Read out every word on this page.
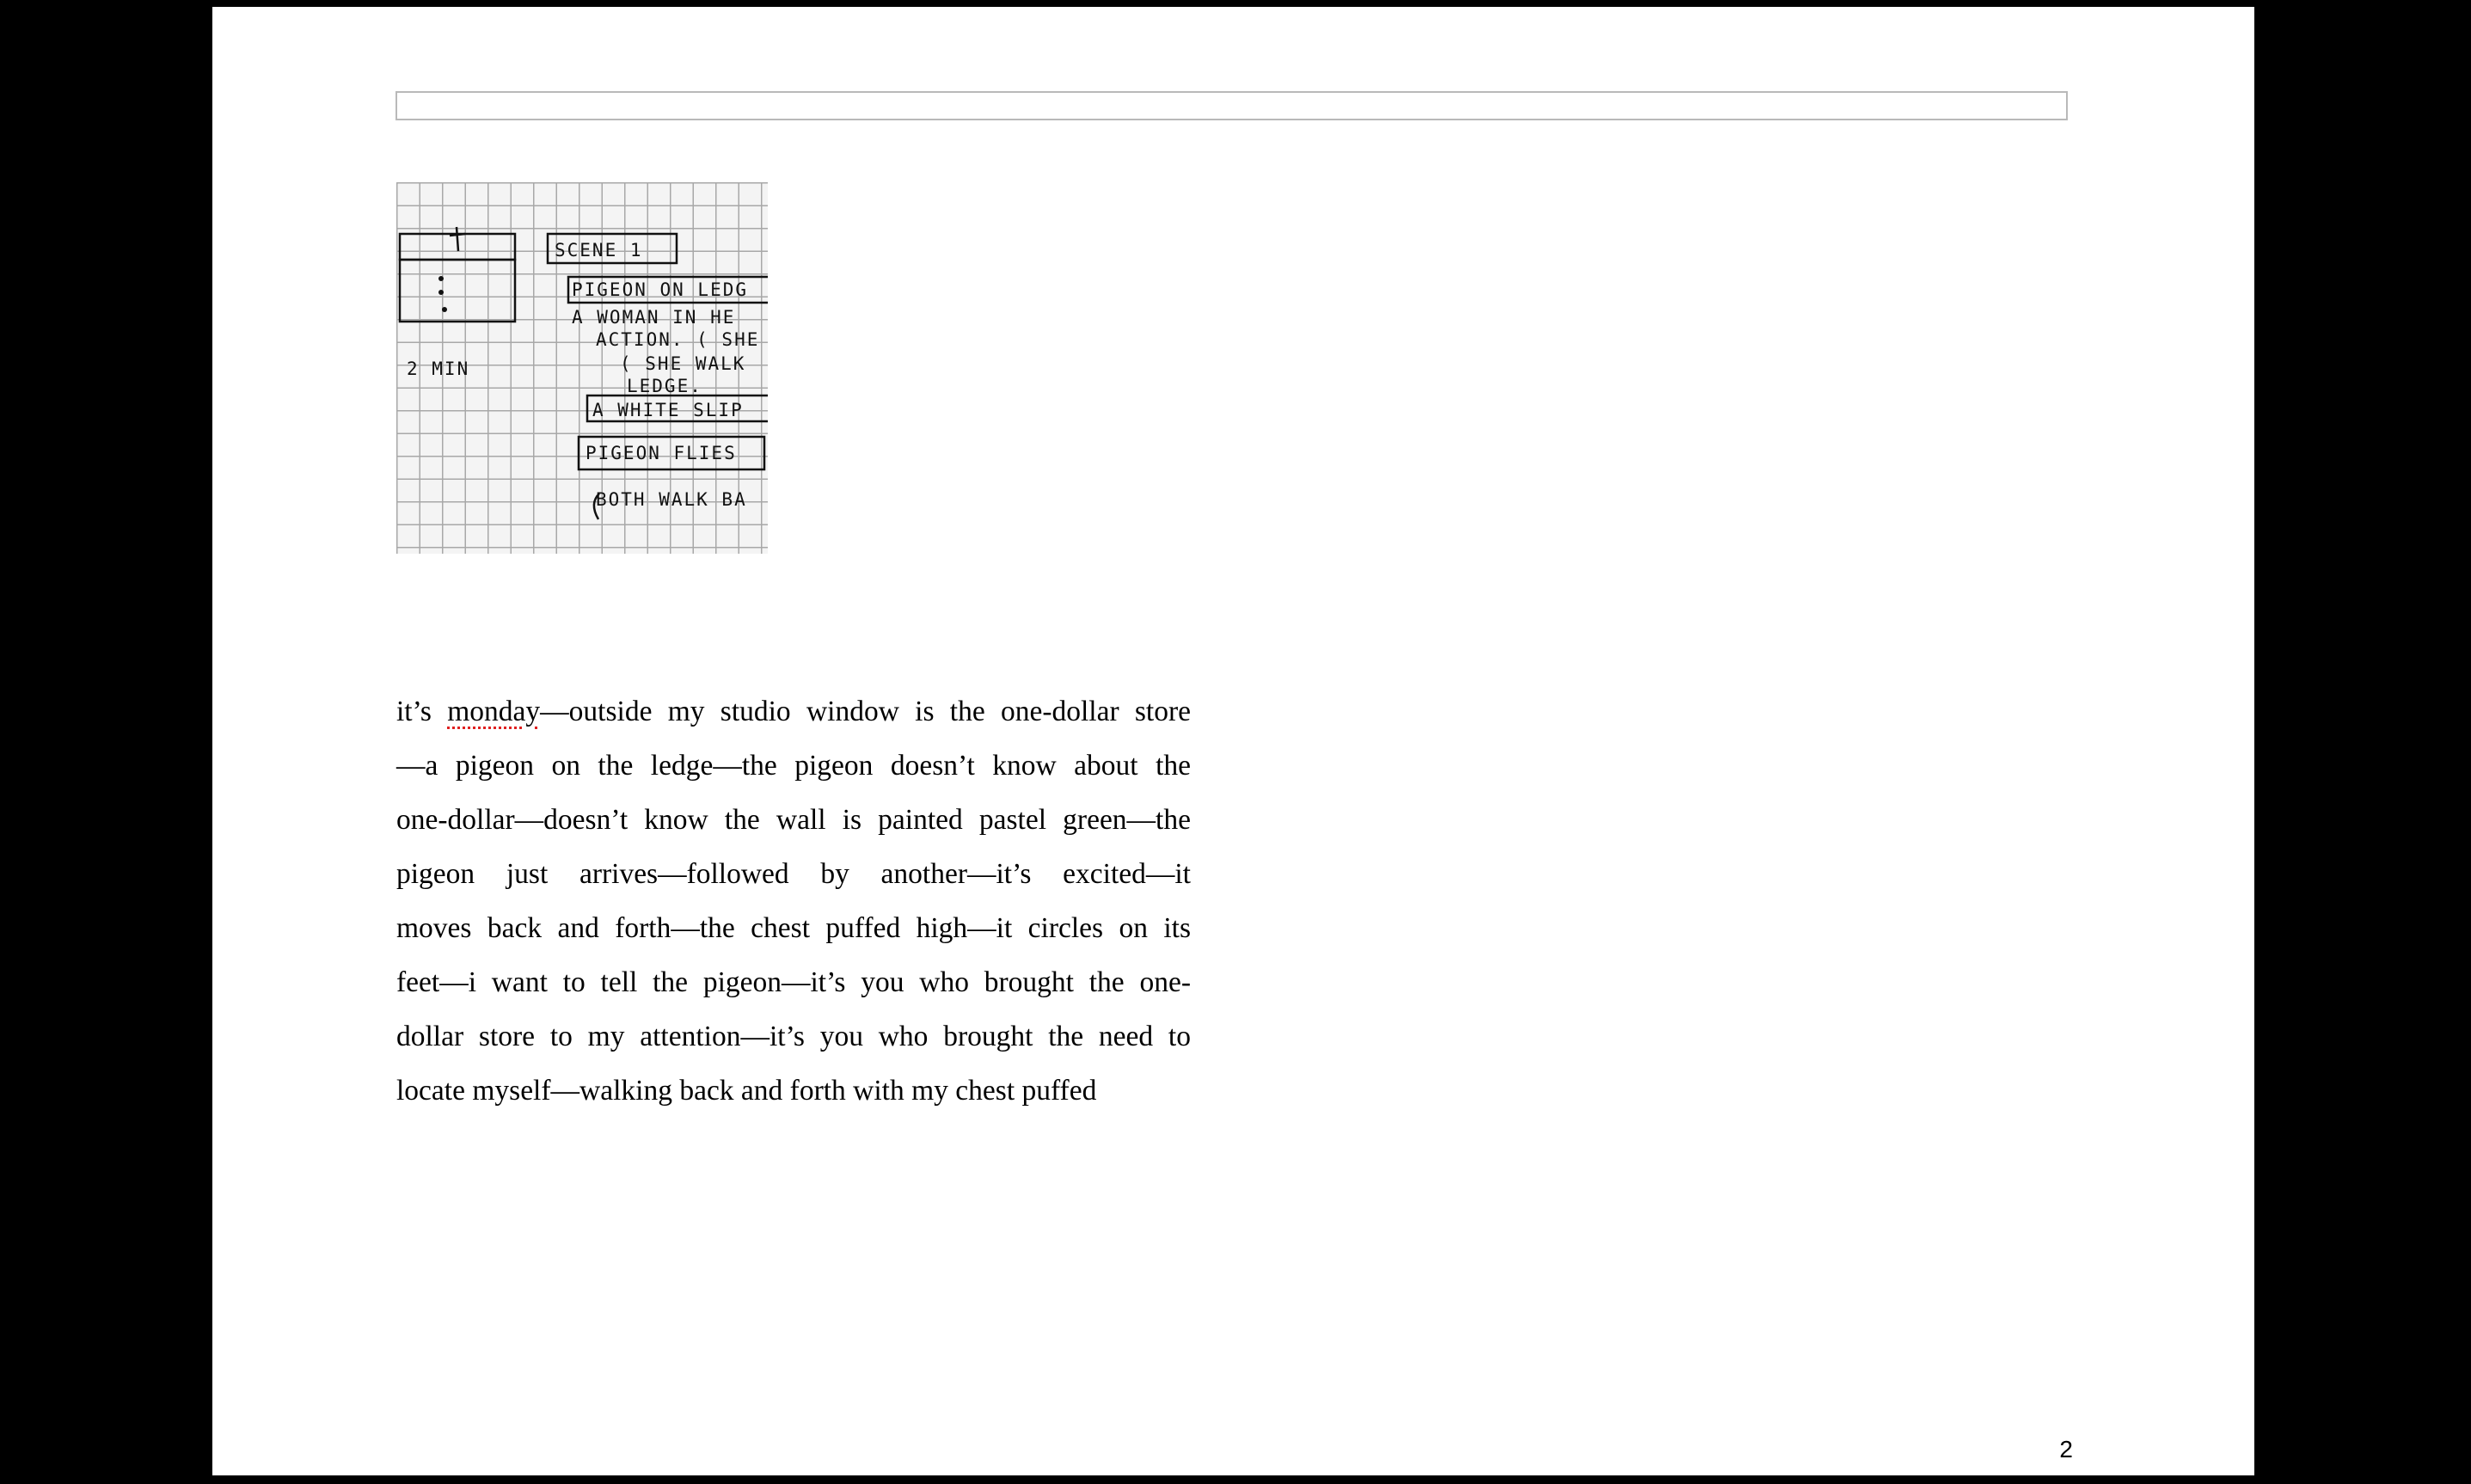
SCENE 1
PIGEON ON LEDG
A WOMAN IN HE
ACTION. ( SHE
( SHE WALK
LEDGE.
A WHITE SLIP
PIGEON FLIES
BOTH WALK BA
2 MIN
it’s monday—outside my studio window is the one-dollar store
—a pigeon on the ledge—the pigeon doesn’t know about the
one-dollar—doesn’t know the wall is painted pastel green—the
pigeon just arrives—followed by another—it’s excited—it
moves back and forth—the chest puffed high—it circles on its
feet—i want to tell the pigeon—it’s you who brought the one-
dollar store to my attention—it’s you who brought the need to
locate myself—walking back and forth with my chest puffed
2
